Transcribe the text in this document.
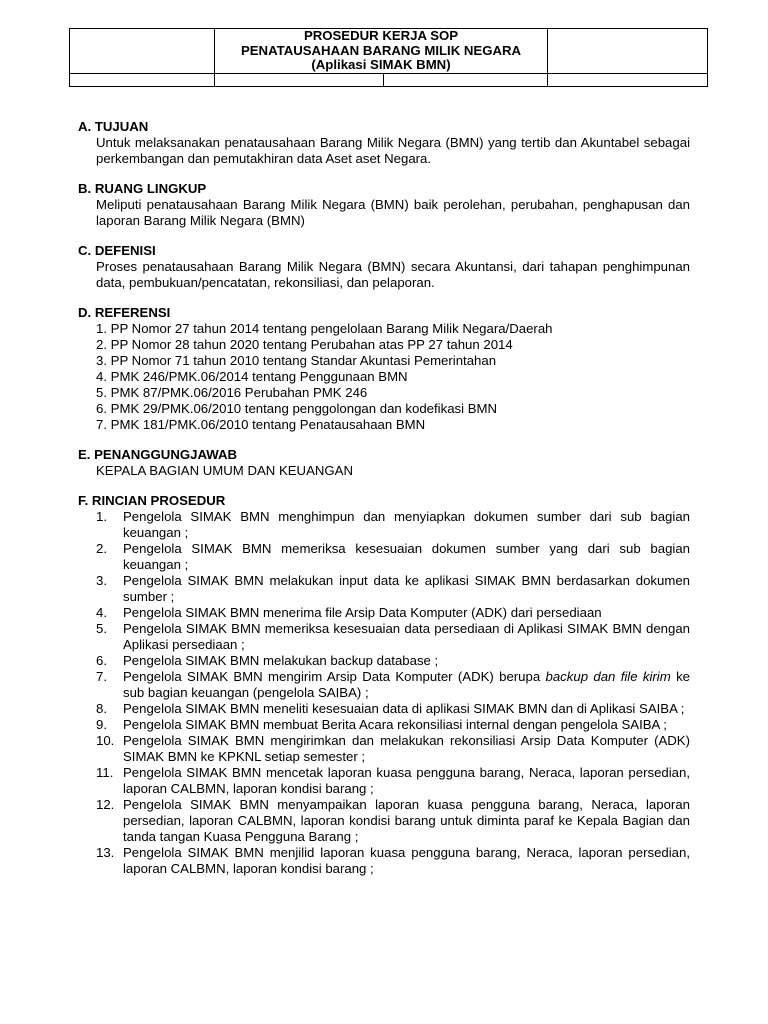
	PROSEDUR KERJA SOP
PENATAUSAHAAN BARANG MILIK NEGARA
(Aplikasi SIMAK BMN)		

A. TUJUAN

Untuk melaksanakan penatausahaan Barang Milik Negara (BMN) yang tertib dan Akuntabel sebagai perkembangan dan pemutakhiran data Aset aset Negara.

B. RUANG LINGKUP

Meliputi penatausahaan Barang Milik Negara (BMN) baik perolehan, perubahan, penghapusan dan laporan Barang Milik Negara (BMN)

C. DEFENISI

Proses penatausahaan Barang Milik Negara (BMN) secara Akuntansi, dari tahapan penghimpunan data, pembukuan/pencatatan, rekonsiliasi, dan pelaporan.

D. REFERENSI

1. PP Nomor 27 tahun 2014 tentang pengelolaan Barang Milik Negara/Daerah
2. PP Nomor 28 tahun 2020 tentang Perubahan atas PP 27 tahun 2014
3. PP Nomor 71 tahun 2010 tentang Standar Akuntasi Pemerintahan
4. PMK 246/PMK.06/2014 tentang Penggunaan BMN
5. PMK 87/PMK.06/2016 Perubahan PMK 246
6. PMK 29/PMK.06/2010 tentang penggolongan dan kodefikasi BMN
7. PMK 181/PMK.06/2010 tentang Penatausahaan BMN

E. PENANGGUNGJAWAB

KEPALA BAGIAN UMUM DAN KEUANGAN

F. RINCIAN PROSEDUR

1.	Pengelola SIMAK BMN menghimpun dan menyiapkan dokumen sumber dari sub bagian keuangan ;
2.	Pengelola SIMAK BMN memeriksa kesesuaian dokumen sumber yang dari sub bagian keuangan ;
3.	Pengelola SIMAK BMN melakukan input data ke aplikasi SIMAK BMN berdasarkan dokumen sumber ;
4.	Pengelola SIMAK BMN menerima file Arsip Data Komputer (ADK) dari persediaan
5.	Pengelola SIMAK BMN memeriksa kesesuaian data persediaan di Aplikasi SIMAK BMN dengan Aplikasi persediaan ;
6.	Pengelola SIMAK BMN melakukan backup database ;
7.	Pengelola SIMAK BMN mengirim Arsip Data Komputer (ADK) berupa backup dan file kirim ke sub bagian keuangan (pengelola SAIBA) ;
8.	Pengelola SIMAK BMN meneliti kesesuaian data di aplikasi SIMAK BMN dan di Aplikasi SAIBA ;
9.	Pengelola SIMAK BMN membuat Berita Acara rekonsiliasi internal dengan pengelola SAIBA ;
10. Pengelola SIMAK BMN mengirimkan dan melakukan rekonsiliasi Arsip Data Komputer (ADK) SIMAK BMN ke KPKNL setiap semester ;
11. Pengelola SIMAK BMN mencetak laporan kuasa pengguna barang, Neraca, laporan persedian, laporan CALBMN, laporan kondisi barang ;
12. Pengelola SIMAK BMN menyampaikan laporan kuasa pengguna barang, Neraca, laporan persedian, laporan CALBMN, laporan kondisi barang untuk diminta paraf ke Kepala Bagian dan tanda tangan Kuasa Pengguna Barang ;
13. Pengelola SIMAK BMN menjilid laporan kuasa pengguna barang, Neraca, laporan persedian, laporan CALBMN, laporan kondisi barang ;
